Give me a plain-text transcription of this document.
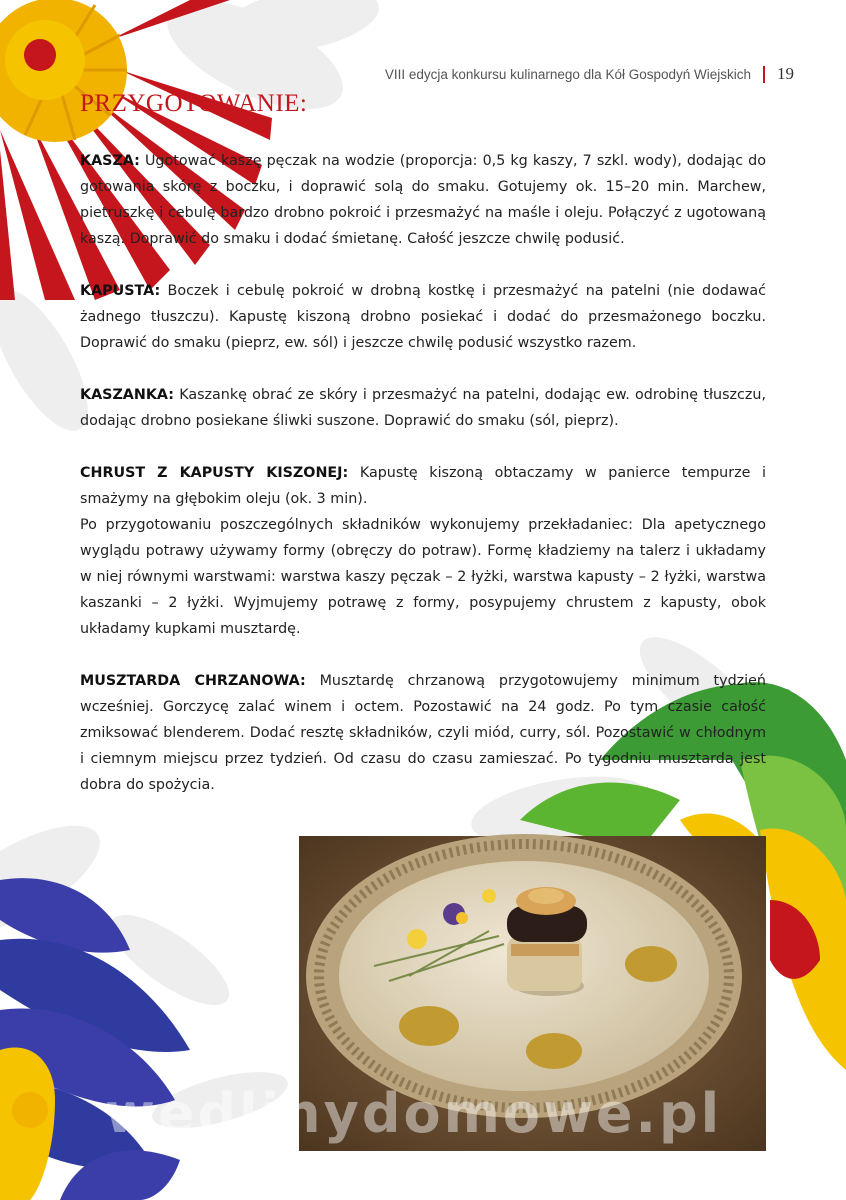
VIII edycja konkursu kulinarnego dla Kół Gospodyń Wiejskich 19
PRZYGOTOWANIE:

KASZA: Ugotować kaszę pęczak na wodzie (proporcja: 0,5 kg kaszy, 7 szkl. wody), dodając do gotowania skórę z boczku, i doprawić solą do smaku. Gotujemy ok. 15–20 min. Marchew, pietruszkę i cebulę bardzo drobno pokroić i przesmażyć na maśle i oleju. Połączyć z ugotowaną kaszą. Doprawić do smaku i dodać śmietanę. Całość jeszcze chwilę podusić.

KAPUSTA: Boczek i cebulę pokroić w drobną kostkę i przesmażyć na patelni (nie dodawać żadnego tłuszczu). Kapustę kiszoną drobno posiekać i dodać do przesmażonego boczku. Doprawić do smaku (pieprz, ew. sól) i jeszcze chwilę podusić wszystko razem.

KASZANKA: Kaszankę obrać ze skóry i przesmażyć na patelni, dodając ew. odrobinę tłuszczu, dodając drobno posiekane śliwki suszone. Doprawić do smaku (sól, pieprz).

CHRUST Z KAPUSTY KISZONEJ: Kapustę kiszoną obtaczamy w panierce tempurze i smażymy na głębokim oleju (ok. 3 min).

Po przygotowaniu poszczególnych składników wykonujemy przekładaniec: Dla apetycznego wyglądu potrawy używamy formy (obręczy do potraw). Formę kładziemy na talerz i układamy w niej równymi warstwami: warstwa kaszy pęczak – 2 łyżki, warstwa kapusty – 2 łyżki, warstwa kaszanki – 2 łyżki. Wyjmujemy potrawę z formy, posypujemy chrustem z kapusty, obok układamy kupkami musztardę.

MUSZTARDA CHRZANOWA: Musztardę chrzanową przygotowujemy minimum tydzień wcześniej. Gorczycę zalać winem i octem. Pozostawić na 24 godz. Po tym czasie całość zmiksować blenderem. Dodać resztę składników, czyli miód, curry, sól. Pozostawić w chłodnym i ciemnym miejscu przez tydzień. Od czasu do czasu zamieszać. Po tygodniu musztarda jest dobra do spożycia.

wedlinydomowe.pl
